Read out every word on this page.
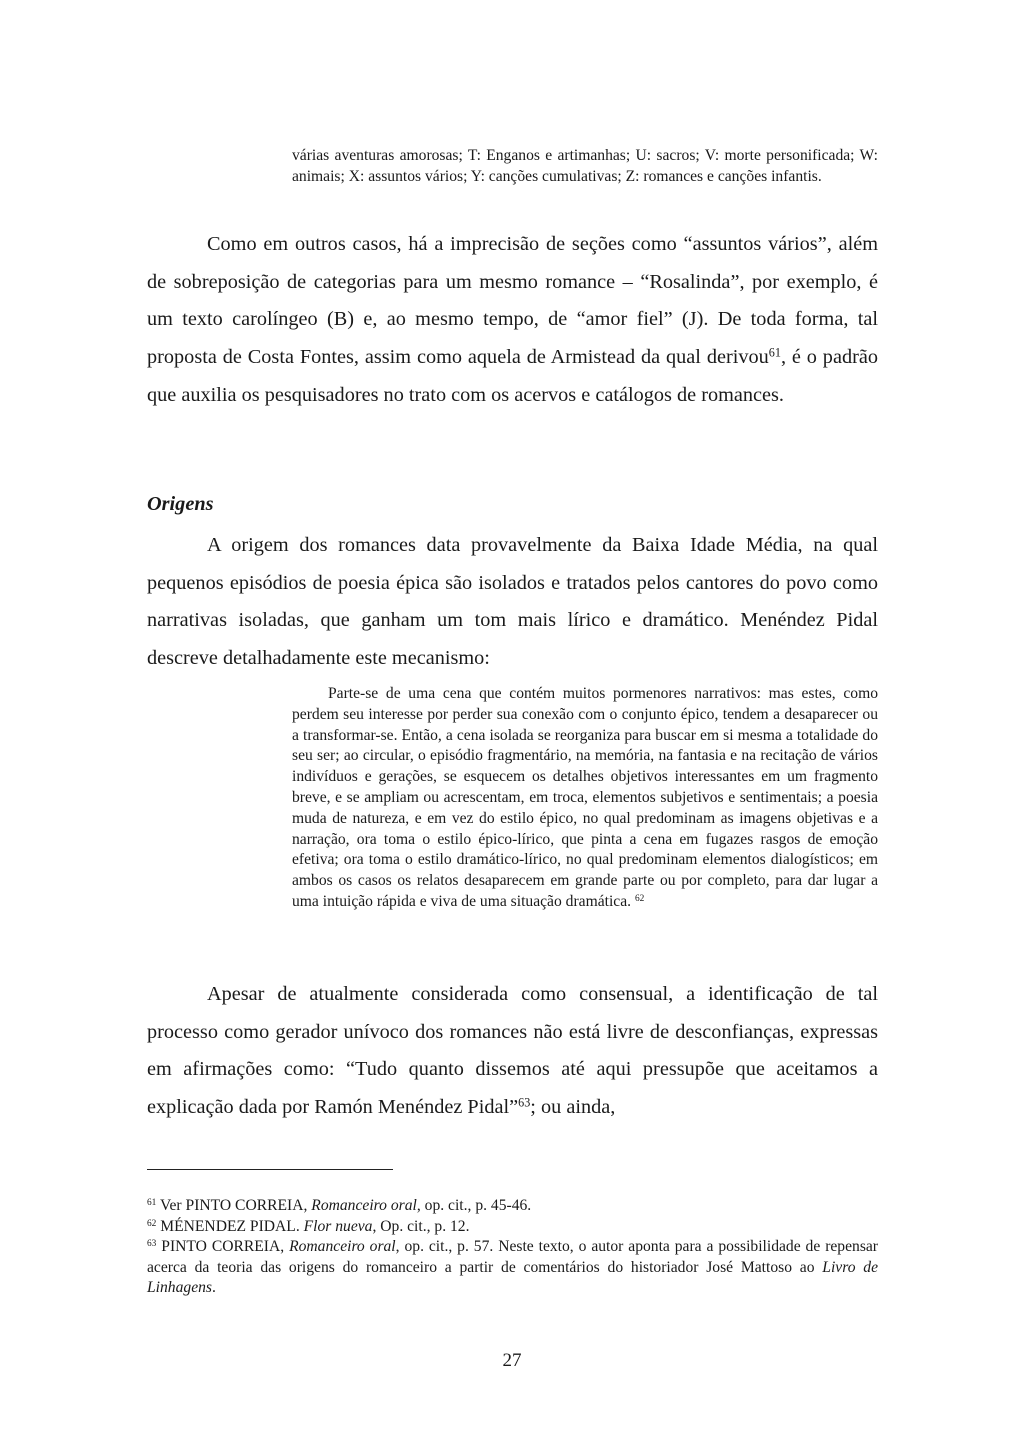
várias aventuras amorosas; T: Enganos e artimanhas; U: sacros; V: morte personificada; W: animais; X: assuntos vários; Y: canções cumulativas; Z: romances e canções infantis.

Como em outros casos, há a imprecisão de seções como “assuntos vários”, além de sobreposição de categorias para um mesmo romance – “Rosalinda”, por exemplo, é um texto carolíngeo (B) e, ao mesmo tempo, de “amor fiel” (J). De toda forma, tal proposta de Costa Fontes, assim como aquela de Armistead da qual derivou$^{61}$, é o padrão que auxilia os pesquisadores no trato com os acervos e catálogos de romances.

Origens

A origem dos romances data provavelmente da Baixa Idade Média, na qual pequenos episódios de poesia épica são isolados e tratados pelos cantores do povo como narrativas isoladas, que ganham um tom mais lírico e dramático. Menéndez Pidal descreve detalhadamente este mecanismo:

Parte-se de uma cena que contém muitos pormenores narrativos: mas estes, como perdem seu interesse por perder sua conexão com o conjunto épico, tendem a desaparecer ou a transformar-se. Então, a cena isolada se reorganiza para buscar em si mesma a totalidade do seu ser; ao circular, o episódio fragmentário, na memória, na fantasia e na recitação de vários indivíduos e gerações, se esquecem os detalhes objetivos interessantes em um fragmento breve, e se ampliam ou acrescentam, em troca, elementos subjetivos e sentimentais; a poesia muda de natureza, e em vez do estilo épico, no qual predominam as imagens objetivas e a narração, ora toma o estilo épico-lírico, que pinta a cena em fugazes rasgos de emoção efetiva; ora toma o estilo dramático-lírico, no qual predominam elementos dialogísticos; em ambos os casos os relatos desaparecem em grande parte ou por completo, para dar lugar a uma intuição rápida e viva de uma situação dramática. $^{62}$

Apesar de atualmente considerada como consensual, a identificação de tal processo como gerador unívoco dos romances não está livre de desconfianças, expressas em afirmações como: “Tudo quanto dissemos até aqui pressupõe que aceitamos a explicação dada por Ramón Menéndez Pidal”$^{63}$; ou ainda,

$^{61}$ Ver PINTO CORREIA, Romanceiro oral, op. cit., p. 45-46.

$^{62}$ MÉNENDEZ PIDAL. Flor nueva, Op. cit., p. 12.

$^{63}$ PINTO CORREIA, Romanceiro oral, op. cit., p. 57. Neste texto, o autor aponta para a possibilidade de repensar acerca da teoria das origens do romanceiro a partir de comentários do historiador José Mattoso ao Livro de Linhagens.

27
